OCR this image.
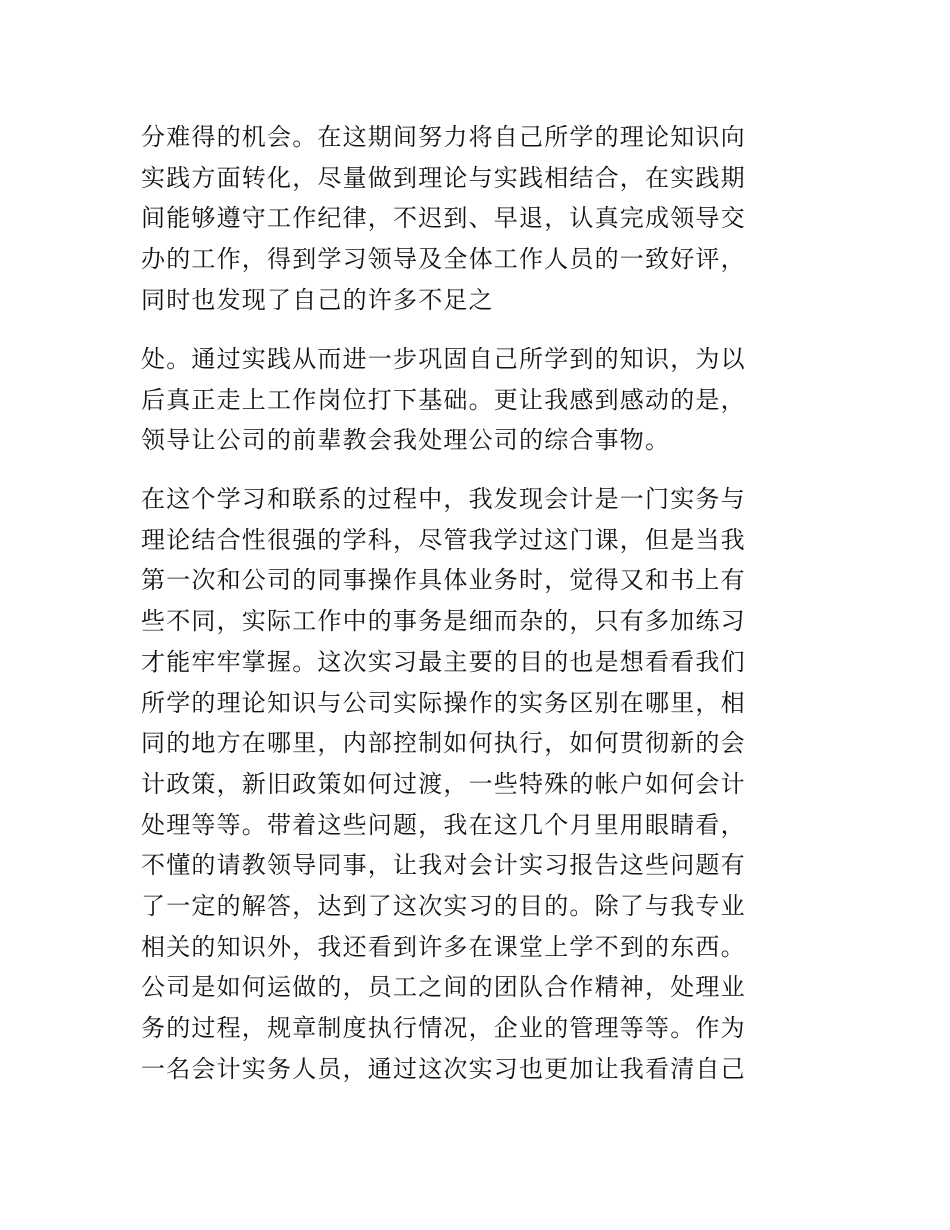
分难得的机会。在这期间努力将自己所学的理论知识向
实践方面转化，尽量做到理论与实践相结合，在实践期
间能够遵守工作纪律，不迟到、早退，认真完成领导交
办的工作，得到学习领导及全体工作人员的一致好评，
同时也发现了自己的许多不足之
处。通过实践从而进一步巩固自己所学到的知识，为以
后真正走上工作岗位打下基础。更让我感到感动的是，
领导让公司的前辈教会我处理公司的综合事物。
在这个学习和联系的过程中，我发现会计是一门实务与
理论结合性很强的学科，尽管我学过这门课，但是当我
第一次和公司的同事操作具体业务时，觉得又和书上有
些不同，实际工作中的事务是细而杂的，只有多加练习
才能牢牢掌握。这次实习最主要的目的也是想看看我们
所学的理论知识与公司实际操作的实务区别在哪里，相
同的地方在哪里，内部控制如何执行，如何贯彻新的会
计政策，新旧政策如何过渡，一些特殊的帐户如何会计
处理等等。带着这些问题，我在这几个月里用眼睛看，
不懂的请教领导同事，让我对会计实习报告这些问题有
了一定的解答，达到了这次实习的目的。除了与我专业
相关的知识外，我还看到许多在课堂上学不到的东西。
公司是如何运做的，员工之间的团队合作精神，处理业
务的过程，规章制度执行情况，企业的管理等等。作为
一名会计实务人员，通过这次实习也更加让我看清自己
